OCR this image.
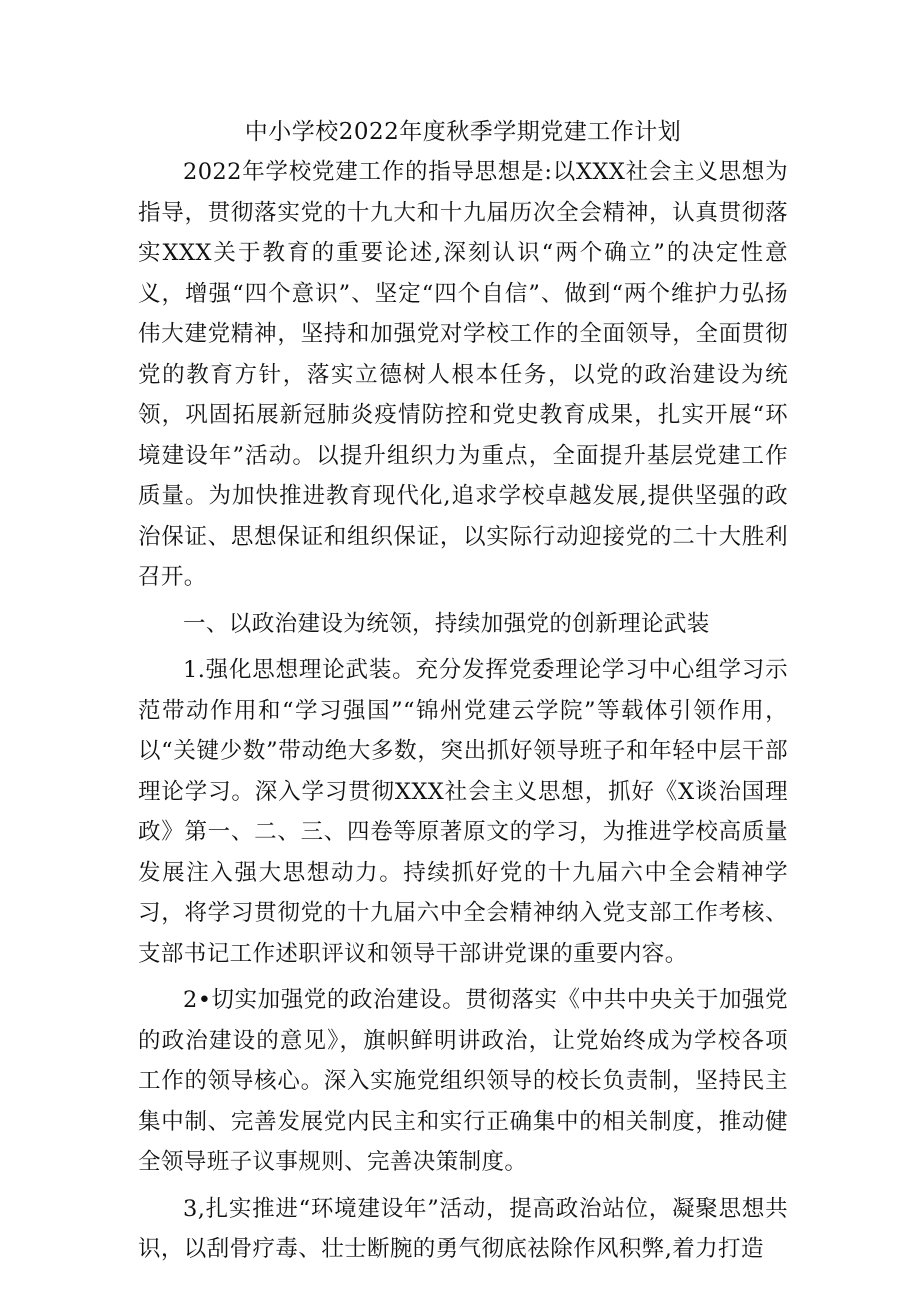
中小学校2022年度秋季学期党建工作计划

2022年学校党建工作的指导思想是:以XXX社会主义思想为指导，贯彻落实党的十九大和十九届历次全会精神，认真贯彻落实XXX关于教育的重要论述,深刻认识“两个确立”的决定性意义，增强“四个意识”、坚定“四个自信”、做到“两个维护力弘扬伟大建党精神，坚持和加强党对学校工作的全面领导，全面贯彻党的教育方针，落实立德树人根本任务，以党的政治建设为统领，巩固拓展新冠肺炎疫情防控和党史教育成果，扎实开展“环境建设年”活动。以提升组织力为重点，全面提升基层党建工作质量。为加快推进教育现代化,追求学校卓越发展,提供坚强的政治保证、思想保证和组织保证，以实际行动迎接党的二十大胜利召开。

一、以政治建设为统领，持续加强党的创新理论武装

1.强化思想理论武装。充分发挥党委理论学习中心组学习示范带动作用和“学习强国”“锦州党建云学院”等载体引领作用，以“关键少数”带动绝大多数，突出抓好领导班子和年轻中层干部理论学习。深入学习贯彻XXX社会主义思想，抓好《X谈治国理政》第一、二、三、四卷等原著原文的学习，为推进学校高质量发展注入强大思想动力。持续抓好党的十九届六中全会精神学习，将学习贯彻党的十九届六中全会精神纳入党支部工作考核、支部书记工作述职评议和领导干部讲党课的重要内容。

2•切实加强党的政治建设。贯彻落实《中共中央关于加强党的政治建设的意见》，旗帜鲜明讲政治，让党始终成为学校各项工作的领导核心。深入实施党组织领导的校长负责制，坚持民主集中制、完善发展党内民主和实行正确集中的相关制度，推动健全领导班子议事规则、完善决策制度。

3,扎实推进“环境建设年”活动，提高政治站位，凝聚思想共识，以刮骨疗毒、壮士断腕的勇气彻底祛除作风积弊,着力打造
